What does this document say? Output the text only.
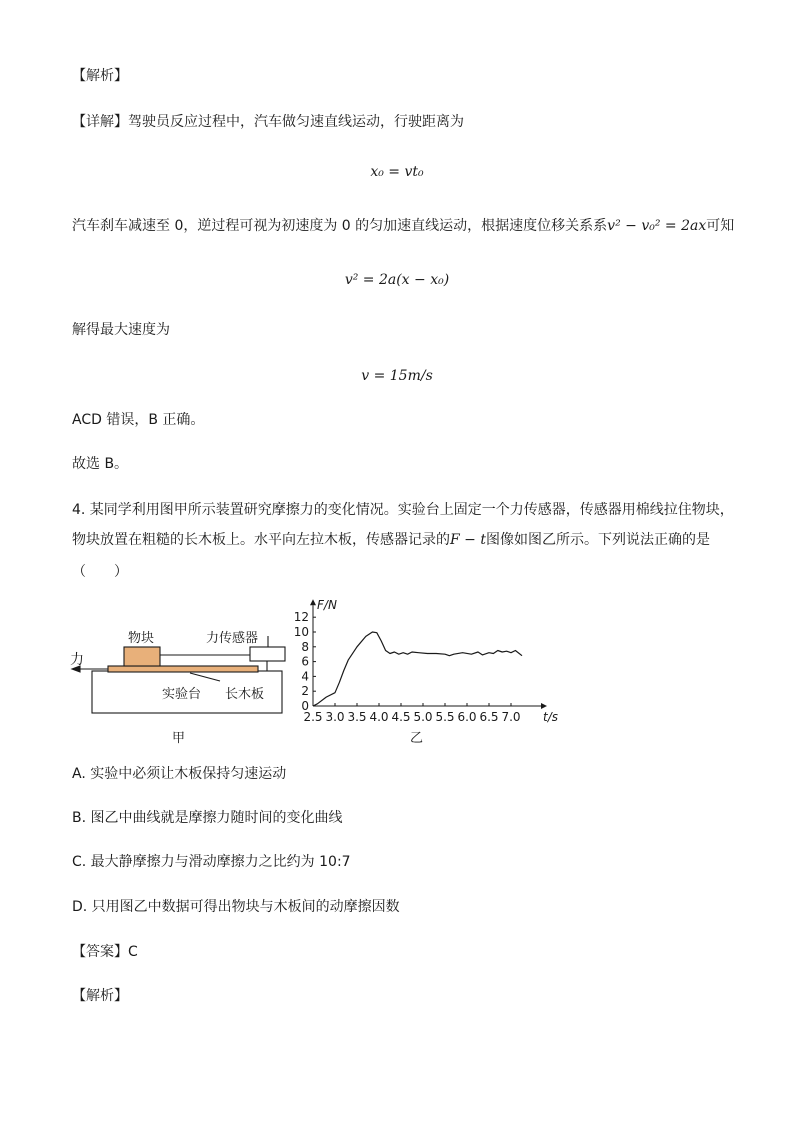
【解析】
【详解】驾驶员反应过程中，汽车做匀速直线运动，行驶距离为
x₀ = vt₀
汽车刹车减速至 0，逆过程可视为初速度为 0 的匀加速直线运动，根据速度位移关系系v² − v₀² = 2ax可知
v² = 2a(x − x₀)
解得最大速度为
v = 15m/s
ACD 错误，B 正确。
故选 B。
4. 某同学利用图甲所示装置研究摩擦力的变化情况。实验台上固定一个力传感器，传感器用棉线拉住物块，
物块放置在粗糙的长木板上。水平向左拉木板，传感器记录的F − t图像如图乙所示。下列说法正确的是
（　　）
力
物块	力传感器
实验台 长木板
甲
2.5 3.0 3.5 4.0 4.5 5.0 5.5 6.0 6.5 7.0
0
2
4
6
8
10
12
F/N
t/s
乙
A. 实验中必须让木板保持匀速运动
B. 图乙中曲线就是摩擦力随时间的变化曲线
C. 最大静摩擦力与滑动摩擦力之比约为 10:7
D. 只用图乙中数据可得出物块与木板间的动摩擦因数
【答案】C
【解析】
